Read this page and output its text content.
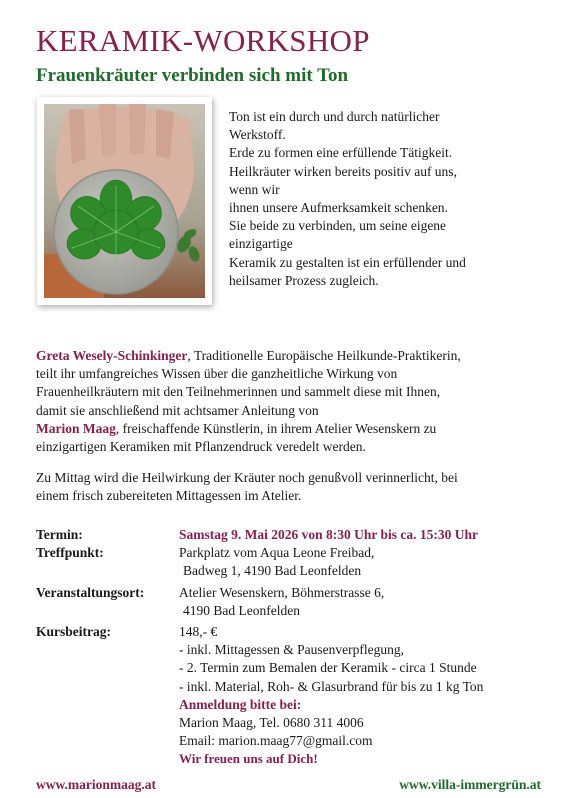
KERAMIK-WORKSHOP
Frauenkräuter verbinden sich mit Ton

Ton ist ein durch und durch natürlicher
Werkstoff.
Erde zu formen eine erfüllende Tätigkeit.
Heilkräuter wirken bereits positiv auf uns,
wenn wir
ihnen unsere Aufmerksamkeit schenken.
Sie beide zu verbinden, um seine eigene
einzigartige
Keramik zu gestalten ist ein erfüllender und
heilsamer Prozess zugleich.

Greta Wesely-Schinkinger, Traditionelle Europäische Heilkunde-Praktikerin,
teilt ihr umfangreiches Wissen über die ganzheitliche Wirkung von
Frauenheilkräutern mit den Teilnehmerinnen und sammelt diese mit Ihnen,
damit sie anschließend mit achtsamer Anleitung von
Marion Maag, freischaffende Künstlerin, in ihrem Atelier Wesenskern zu
einzigartigen Keramiken mit Pflanzendruck veredelt werden.

Zu Mittag wird die Heilwirkung der Kräuter noch genußvoll verinnerlicht, bei
einem frisch zubereiteten Mittagessen im Atelier.

Termin:	Samstag 9. Mai 2026 von 8:30 Uhr bis ca. 15:30 Uhr
Treffpunkt:	Parkplatz vom Aqua Leone Freibad,
Badweg 1, 4190 Bad Leonfelden
Veranstaltungsort:	Atelier Wesenskern, Böhmerstrasse 6,
4190 Bad Leonfelden
Kursbeitrag:	148,- €
- inkl. Mittagessen & Pausenverpflegung,
- 2. Termin zum Bemalen der Keramik - circa 1 Stunde
- inkl. Material, Roh- & Glasurbrand für bis zu 1 kg Ton
Anmeldung bitte bei:
Marion Maag, Tel. 0680 311 4006
Email: marion.maag77@gmail.com
Wir freuen uns auf Dich!
www.marionmaag.at	www.villa-immergrün.at
